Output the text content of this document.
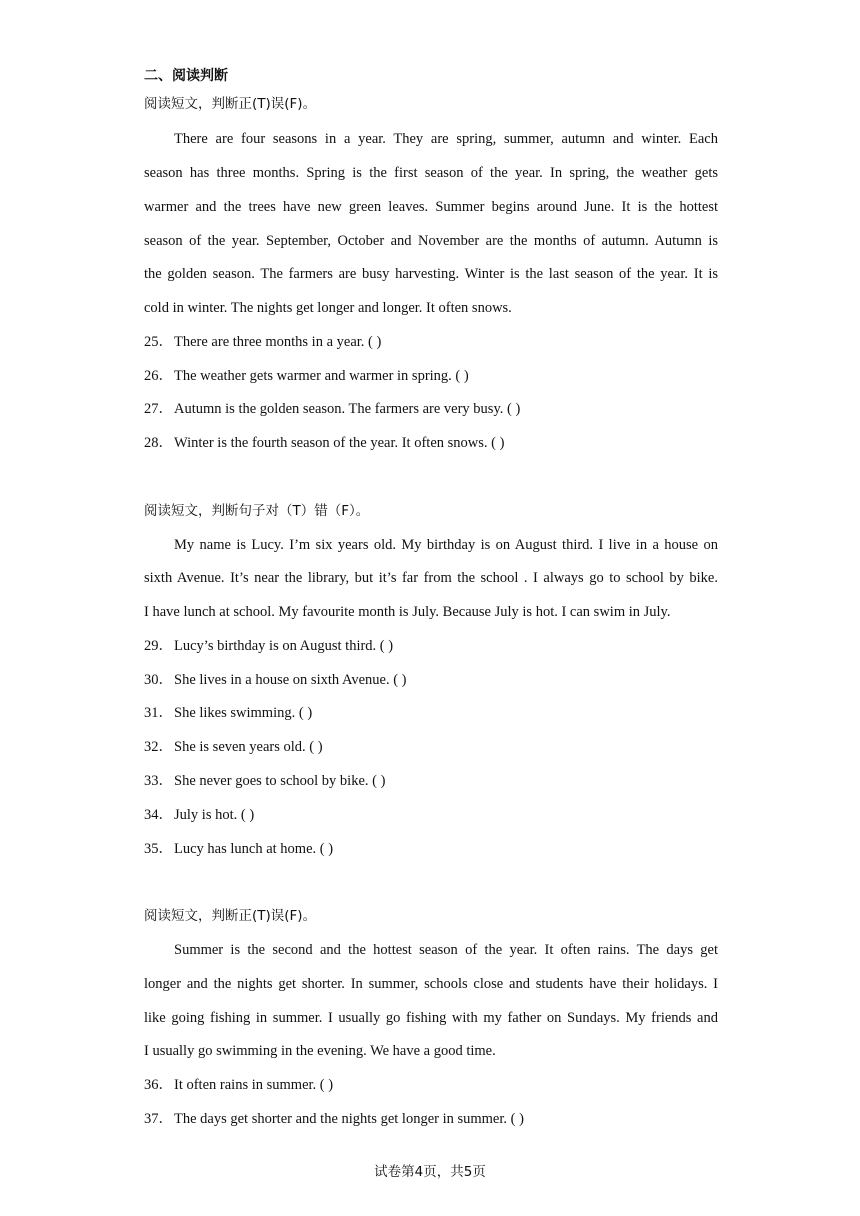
二、阅读判断
阅读短文，判断正(T)误(F)。
There are four seasons in a year. They are spring, summer, autumn and winter. Each
season has three months. Spring is the first season of the year. In spring, the weather gets
warmer and the trees have new green leaves. Summer begins around June. It is the hottest
season of the year. September, October and November are the months of autumn. Autumn is
the golden season. The farmers are busy harvesting. Winter is the last season of the year. It is
cold in winter. The nights get longer and longer. It often snows.
25．There are three months in a year. ( )
26．The weather gets warmer and warmer in spring. ( )
27．Autumn is the golden season. The farmers are very busy. ( )
28．Winter is the fourth season of the year. It often snows. ( )
阅读短文，判断句子对（T）错（F）。
My name is Lucy. I’m six years old. My birthday is on August third. I live in a house on
sixth Avenue. It’s near the library, but it’s far from the school . I always go to school by bike.
I have lunch at school. My favourite month is July. Because July is hot. I can swim in July.
29．Lucy’s birthday is on August third. ( )
30．She lives in a house on sixth Avenue. ( )
31．She likes swimming. ( )
32．She is seven years old. ( )
33．She never goes to school by bike. ( )
34．July is hot. ( )
35．Lucy has lunch at home. ( )
阅读短文，判断正(T)误(F)。
Summer is the second and the hottest season of the year. It often rains. The days get
longer and the nights get shorter. In summer, schools close and students have their holidays. I
like going fishing in summer. I usually go fishing with my father on Sundays. My friends and
I usually go swimming in the evening. We have a good time.
36．It often rains in summer. ( )
37．The days get shorter and the nights get longer in summer. ( )
试卷第4页，共5页
